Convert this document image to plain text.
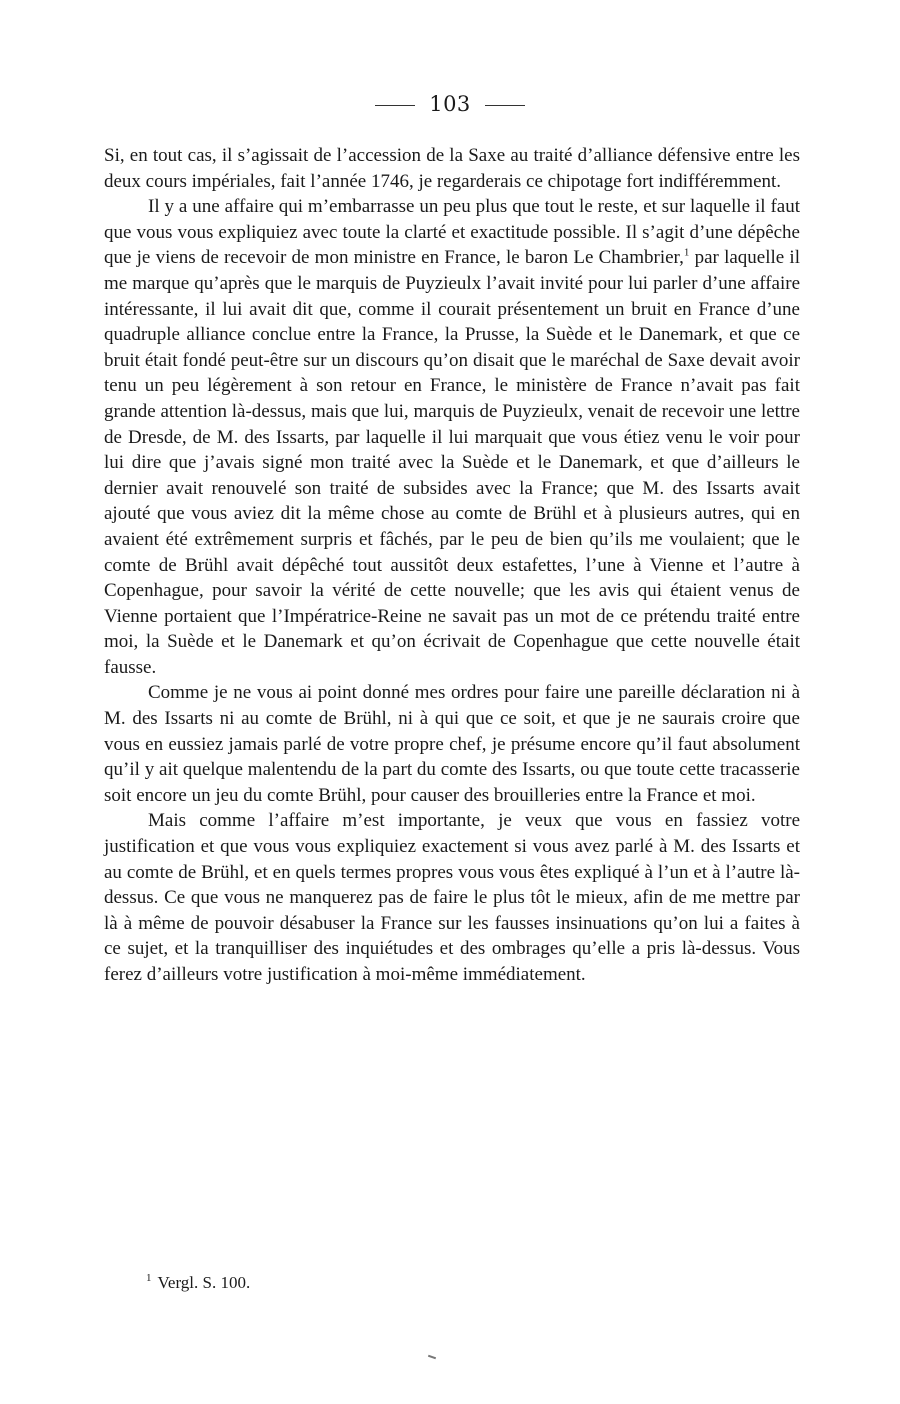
103

Si, en tout cas, il s’agissait de l’accession de la Saxe au traité d’alliance défensive entre les deux cours impériales, fait l’année 1746, je regarderais ce chipotage fort indifféremment.

Il y a une affaire qui m’embarrasse un peu plus que tout le reste, et sur laquelle il faut que vous vous expliquiez avec toute la clarté et exactitude possible. Il s’agit d’une dépêche que je viens de recevoir de mon ministre en France, le baron Le Chambrier,$^1$ par laquelle il me marque qu’après que le marquis de Puyzieulx l’avait invité pour lui parler d’une affaire intéressante, il lui avait dit que, comme il courait présentement un bruit en France d’une quadruple alliance conclue entre la France, la Prusse, la Suède et le Danemark, et que ce bruit était fondé peut-être sur un discours qu’on disait que le maréchal de Saxe devait avoir tenu un peu légèrement à son retour en France, le ministère de France n’avait pas fait grande attention là-dessus, mais que lui, marquis de Puyzieulx, venait de recevoir une lettre de Dresde, de M. des Issarts, par laquelle il lui marquait que vous étiez venu le voir pour lui dire que j’avais signé mon traité avec la Suède et le Danemark, et que d’ailleurs le dernier avait renouvelé son traité de subsides avec la France; que M. des Issarts avait ajouté que vous aviez dit la même chose au comte de Brühl et à plusieurs autres, qui en avaient été extrêmement surpris et fâchés, par le peu de bien qu’ils me voulaient; que le comte de Brühl avait dépêché tout aussitôt deux estafettes, l’une à Vienne et l’autre à Copenhague, pour savoir la vérité de cette nouvelle; que les avis qui étaient venus de Vienne portaient que l’Impératrice-Reine ne savait pas un mot de ce prétendu traité entre moi, la Suède et le Danemark et qu’on écrivait de Copenhague que cette nouvelle était fausse.

Comme je ne vous ai point donné mes ordres pour faire une pareille déclaration ni à M. des Issarts ni au comte de Brühl, ni à qui que ce soit, et que je ne saurais croire que vous en eussiez jamais parlé de votre propre chef, je présume encore qu’il faut absolument qu’il y ait quelque malentendu de la part du comte des Issarts, ou que toute cette tracasserie soit encore un jeu du comte Brühl, pour causer des brouilleries entre la France et moi.

Mais comme l’affaire m’est importante, je veux que vous en fassiez votre justification et que vous vous expliquiez exactement si vous avez parlé à M. des Issarts et au comte de Brühl, et en quels termes propres vous vous êtes expliqué à l’un et à l’autre là-dessus. Ce que vous ne manquerez pas de faire le plus tôt le mieux, afin de me mettre par là à même de pouvoir désabuser la France sur les fausses insinuations qu’on lui a faites à ce sujet, et la tranquilliser des inquiétudes et des ombrages qu’elle a pris là-dessus. Vous ferez d’ailleurs votre justification à moi-même immédiatement.

$^1$ Vergl. S. 100.
